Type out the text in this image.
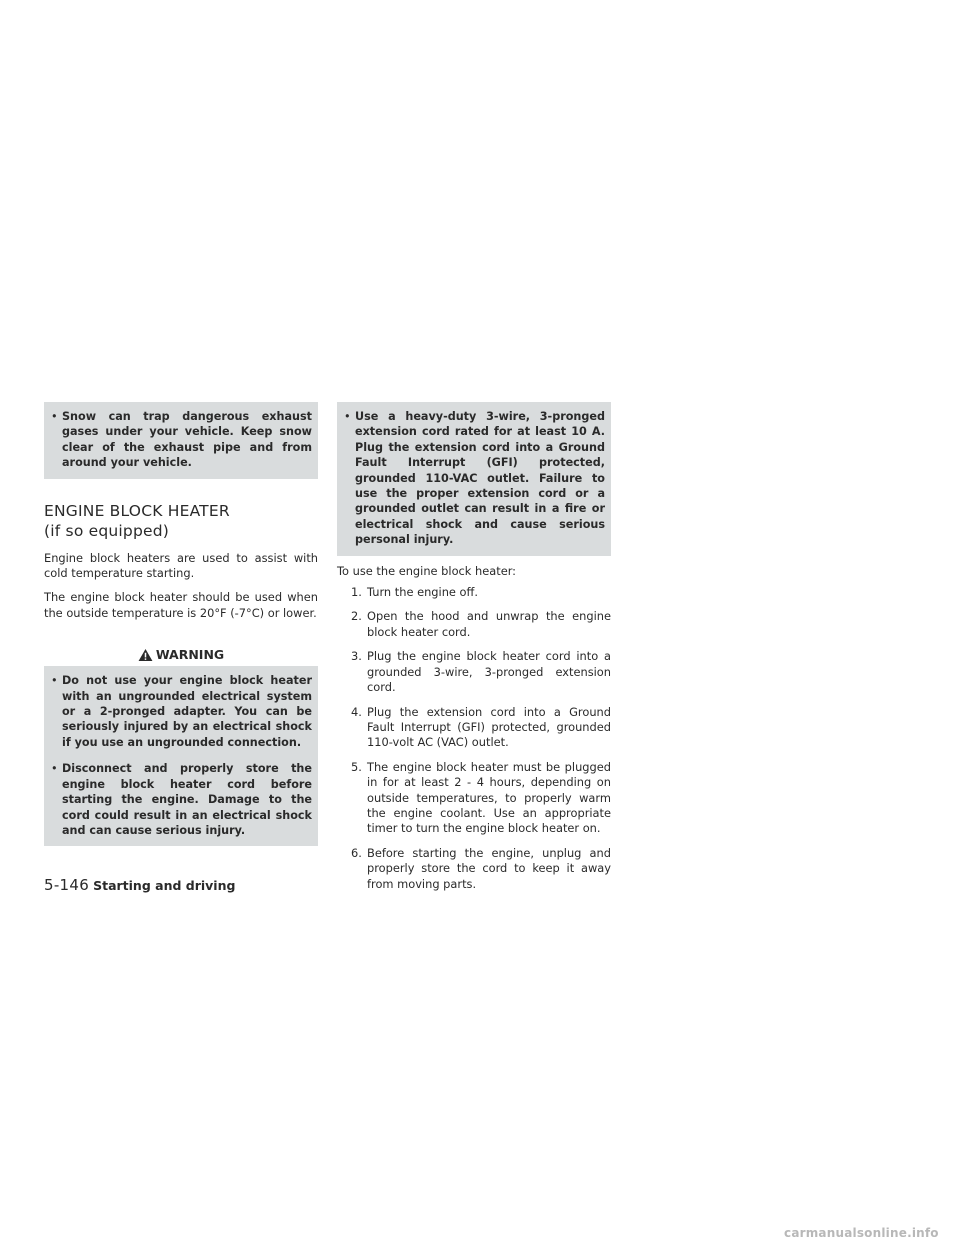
• Snow can trap dangerous exhaust gases under your vehicle. Keep snow clear of the exhaust pipe and from around your vehicle.
ENGINE BLOCK HEATER
(if so equipped)

Engine block heaters are used to assist with cold temperature starting.

The engine block heater should be used when the outside temperature is 20°F (-7°C) or lower.

WARNING
• Do not use your engine block heater with an ungrounded electrical system or a 2-pronged adapter. You can be seriously injured by an electrical shock if you use an ungrounded connection.
• Disconnect and properly store the engine block heater cord before starting the engine. Damage to the cord could result in an electrical shock and can cause serious injury.
• Use a heavy-duty 3-wire, 3-pronged extension cord rated for at least 10 A. Plug the extension cord into a Ground Fault Interrupt (GFI) protected, grounded 110-VAC outlet. Failure to use the proper extension cord or a grounded outlet can result in a fire or electrical shock and cause serious personal injury.

To use the engine block heater:

1. Turn the engine off.
2. Open the hood and unwrap the engine block heater cord.
3. Plug the engine block heater cord into a grounded 3-wire, 3-pronged extension cord.
4. Plug the extension cord into a Ground Fault Interrupt (GFI) protected, grounded 110-volt AC (VAC) outlet.
5. The engine block heater must be plugged in for at least 2 - 4 hours, depending on outside temperatures, to properly warm the engine coolant. Use an appropriate timer to turn the engine block heater on.
6. Before starting the engine, unplug and properly store the cord to keep it away from moving parts.
5-146 Starting and driving
carmanualsonline.info
